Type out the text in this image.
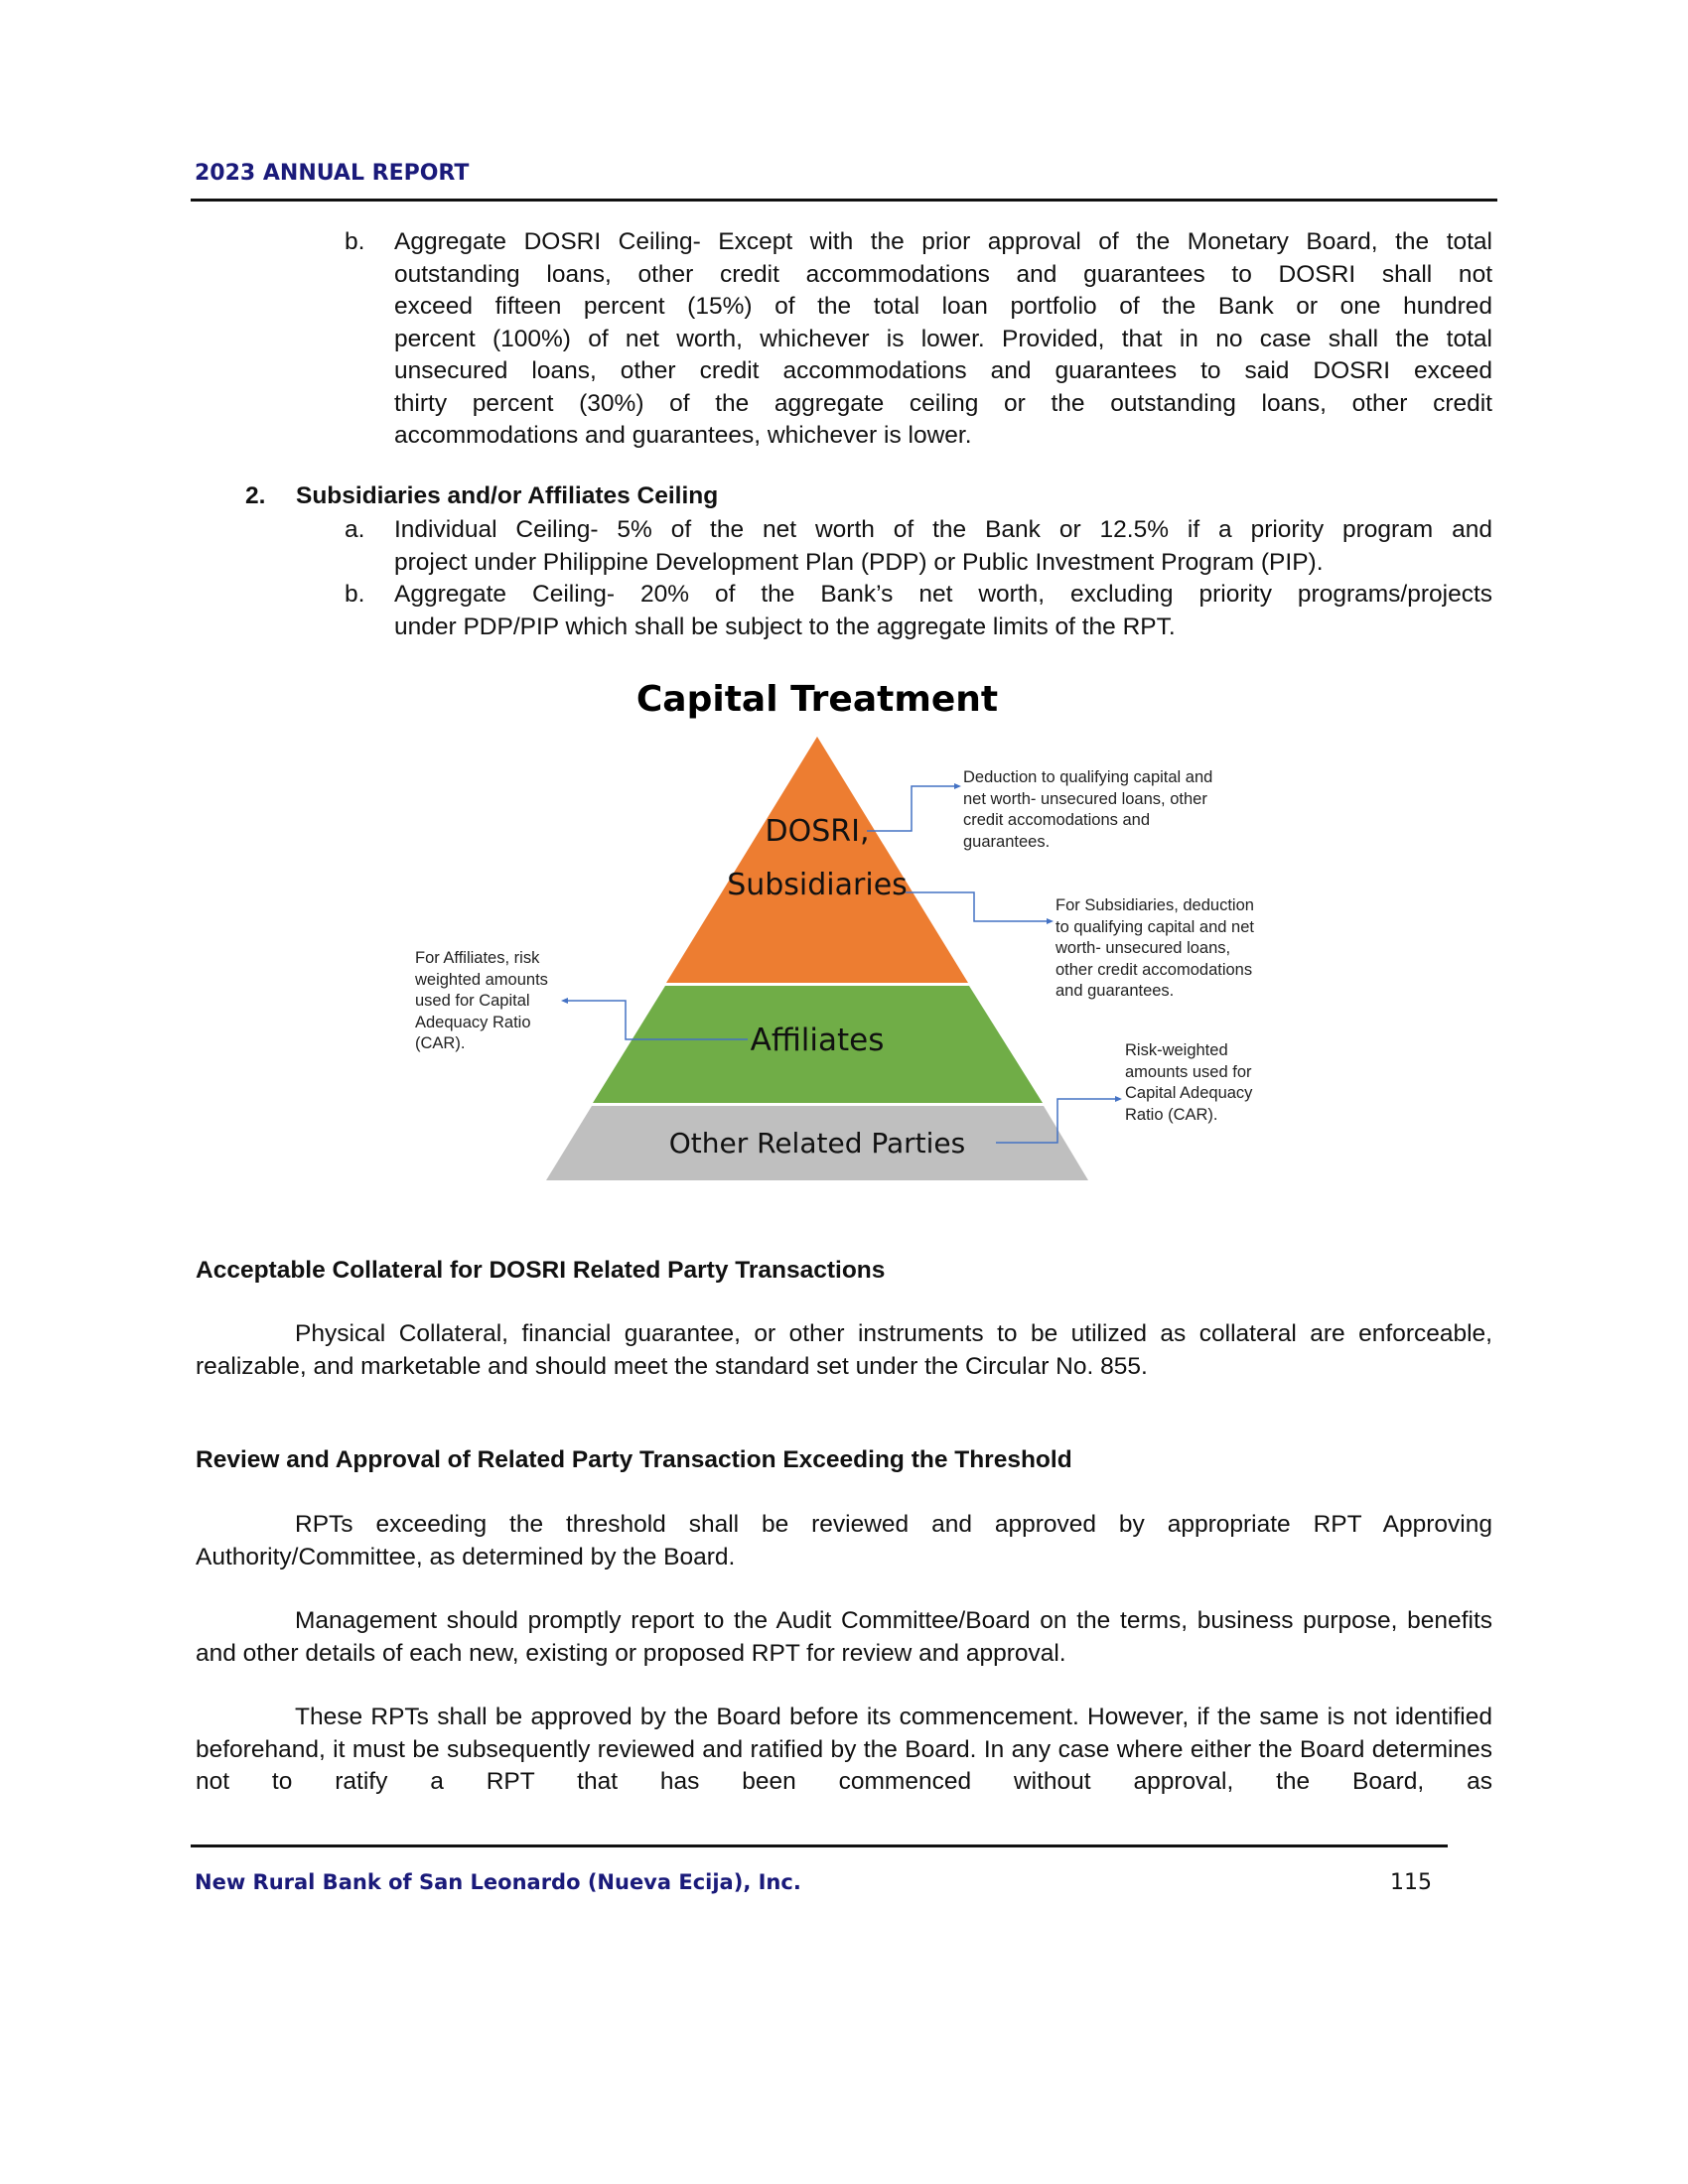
2023 ANNUAL REPORT
b. Aggregate DOSRI Ceiling- Except with the prior approval of the Monetary Board, the total
outstanding loans, other credit accommodations and guarantees to DOSRI shall not
exceed fifteen percent (15%) of the total loan portfolio of the Bank or one hundred
percent (100%) of net worth, whichever is lower. Provided, that in no case shall the total
unsecured loans, other credit accommodations and guarantees to said DOSRI exceed
thirty percent (30%) of the aggregate ceiling or the outstanding loans, other credit
accommodations and guarantees, whichever is lower.
2. Subsidiaries and/or Affiliates Ceiling
a. Individual Ceiling- 5% of the net worth of the Bank or 12.5% if a priority program and
project under Philippine Development Plan (PDP) or Public Investment Program (PIP).
b. Aggregate Ceiling- 20% of the Bank’s net worth, excluding priority programs/projects
under PDP/PIP which shall be subject to the aggregate limits of the RPT.
Capital Treatment
DOSRI,
Subsidiaries
Affiliates
Other Related Parties
Deduction to qualifying capital and
net worth- unsecured loans, other
credit accomodations and
guarantees.
For Subsidiaries, deduction
to qualifying capital and net
worth- unsecured loans,
other credit accomodations
and guarantees.
For Affiliates, risk
weighted amounts
used for Capital
Adequacy Ratio
(CAR).	Risk-weighted
amounts used for
Capital Adequacy
Ratio (CAR).
Acceptable Collateral for DOSRI Related Party Transactions
Physical Collateral, financial guarantee, or other instruments to be utilized as collateral are enforceable, realizable, and marketable and should meet the standard set under the Circular No. 855.
Review and Approval of Related Party Transaction Exceeding the Threshold
RPTs exceeding the threshold shall be reviewed and approved by appropriate RPT Approving Authority/Committee, as determined by the Board.
Management should promptly report to the Audit Committee/Board on the terms, business purpose, benefits and other details of each new, existing or proposed RPT for review and approval.
These RPTs shall be approved by the Board before its commencement. However, if the same is not identified beforehand, it must be subsequently reviewed and ratified by the Board. In any case where either the Board determines not to ratify a RPT that has been commenced without approval, the Board, as
New Rural Bank of San Leonardo (Nueva Ecija), Inc.	115
